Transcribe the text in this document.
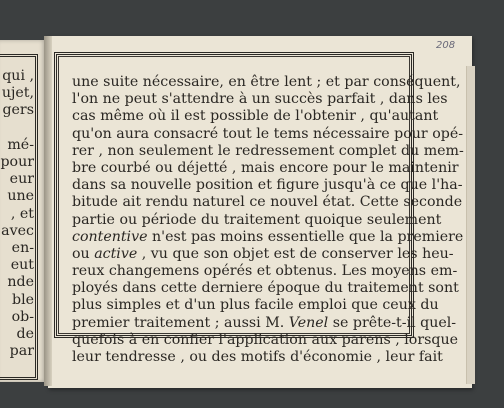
qui ,
ujet,
gers

mé-
pour
eur
une
, et
avec
en-
eut
nde
ble
ob-
de
par
208
une suite nécessaire, en être lent ; et par conséquent,
l'on ne peut s'attendre à un succès parfait , dans les
cas même où il est possible de l'obtenir , qu'autant
qu'on aura consacré tout le tems nécessaire pour opé-
rer , non seulement le redressement complet du mem-
bre courbé ou déjetté , mais encore pour le maintenir
dans sa nouvelle position et figure jusqu'à ce que l'ha-
bitude ait rendu naturel ce nouvel état. Cette seconde
partie ou période du traitement quoique seulement
contentive n'est pas moins essentielle que la premiere
ou active , vu que son objet est de conserver les heu-
reux changemens opérés et obtenus. Les moyens em-
ployés dans cette derniere époque du traitement sont
plus simples et d'un plus facile emploi que ceux du
premier traitement ; aussi M. Venel se prête-t-il quel-
quefois à en confier l'application aux parens , lorsque
leur tendresse , ou des motifs d'économie , leur fait
